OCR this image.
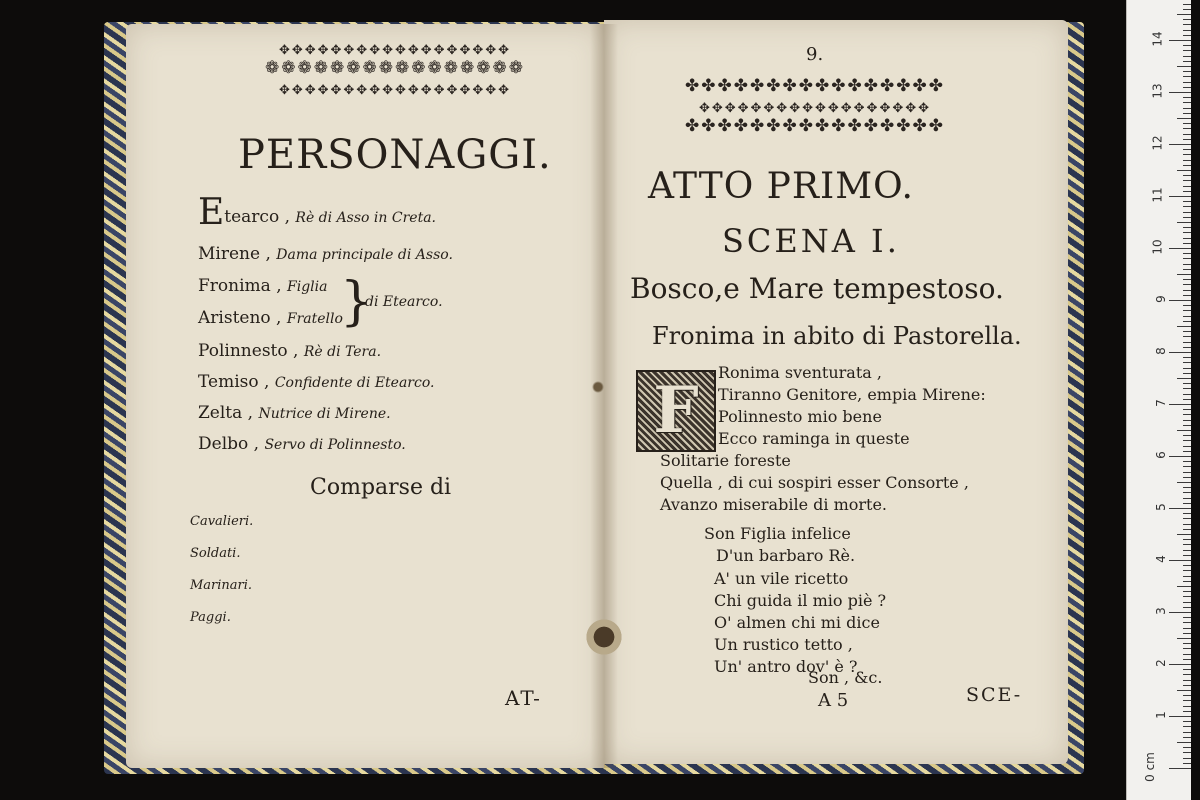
✥✥✥✥✥✥✥✥✥✥✥✥✥✥✥✥✥✥
❁❁❁❁❁❁❁❁❁❁❁❁❁❁❁❁
✥✥✥✥✥✥✥✥✥✥✥✥✥✥✥✥✥✥
PERSONAGGI.
Etearco , Rè di Asso in Creta.
Mirene , Dama principale di Asso.
Fronima , Figlia
Aristeno , Fratello
}
di Etearco.
Polinnesto , Rè di Tera.
Temiso , Confidente di Etearco.
Zelta , Nutrice di Mirene.
Delbo , Servo di Polinnesto.
Comparse di
Cavalieri.
Soldati.
Marinari.
Paggi.
AT-
9.
✤✤✤✤✤✤✤✤✤✤✤✤✤✤✤✤
✥✥✥✥✥✥✥✥✥✥✥✥✥✥✥✥✥✥
✤✤✤✤✤✤✤✤✤✤✤✤✤✤✤✤
ATTO PRIMO.
SCENA I.
Bosco,e Mare tempestoso.
Fronima in abito di Pastorella.
F
Ronima sventurata ,
Tiranno Genitore, empia Mirene:
Polinnesto mio bene
Ecco raminga in queste
Solitarie foreste
Quella , di cui sospiri esser Consorte ,
Avanzo miserabile di morte.
Son Figlia infelice
D'un barbaro Rè.
A' un vile ricetto
Chi guida il mio piè ?
O' almen chi mi dice
Un rustico tetto ,
Un' antro dov' è ?
Son , &c.
A 5	SCE-
0 cm
1
2
3
4
5
6
7
8
9
10
11
12
13
14
